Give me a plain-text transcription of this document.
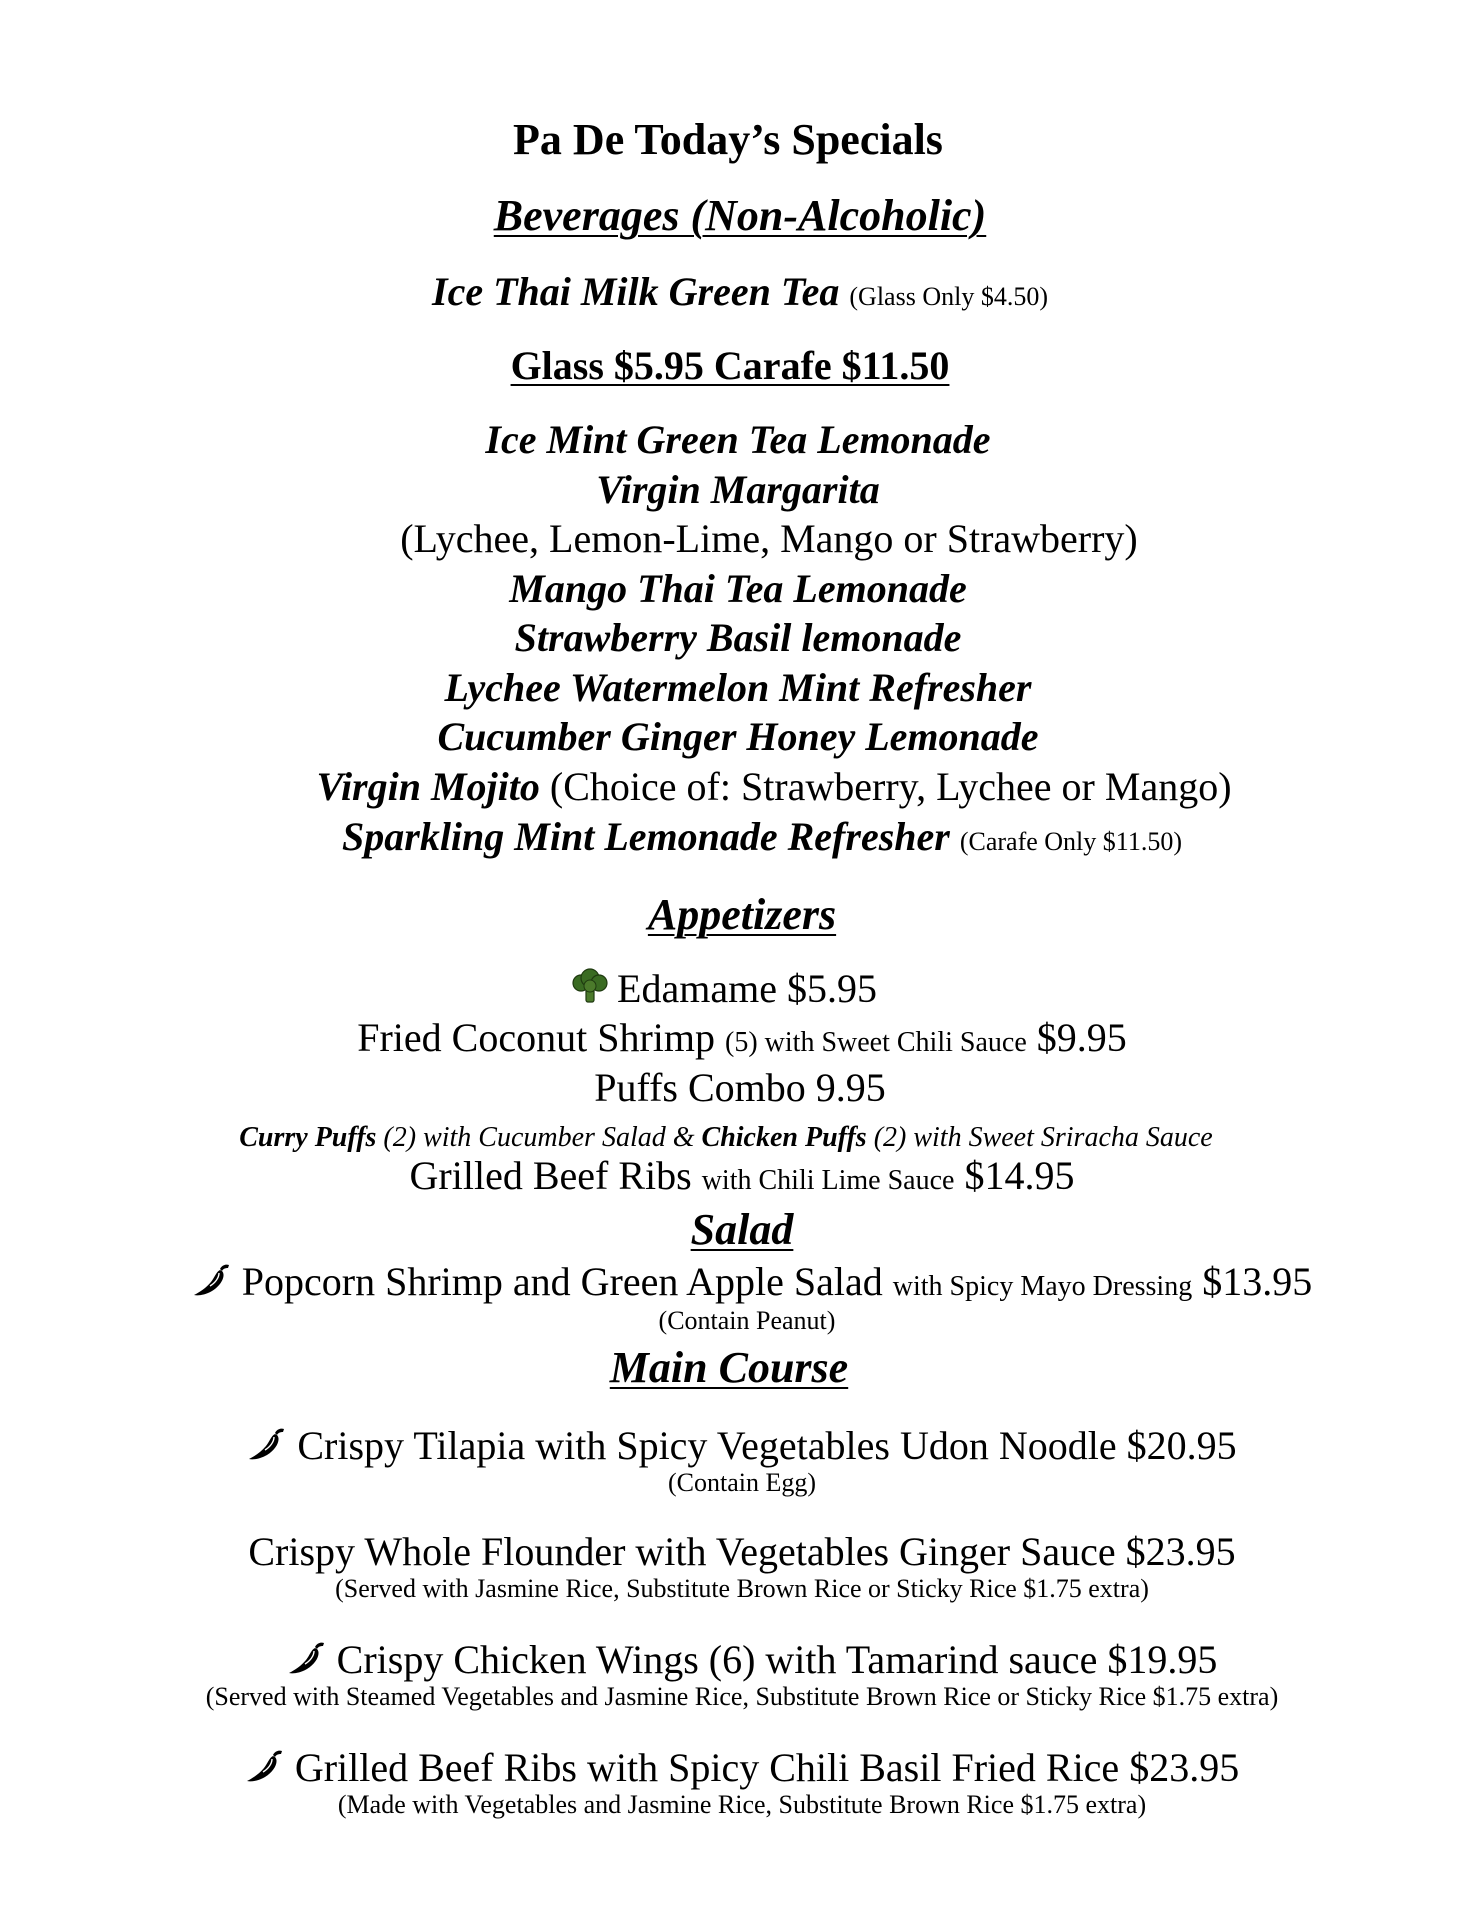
Pa De Today’s Specials
Beverages (Non-Alcoholic)
Ice Thai Milk Green Tea (Glass Only $4.50)
Glass $5.95 Carafe $11.50
Ice Mint Green Tea Lemonade
Virgin Margarita
(Lychee, Lemon-Lime, Mango or Strawberry)
Mango Thai Tea Lemonade
Strawberry Basil lemonade
Lychee Watermelon Mint Refresher
Cucumber Ginger Honey Lemonade
Virgin Mojito (Choice of: Strawberry, Lychee or Mango)
Sparkling Mint Lemonade Refresher (Carafe Only $11.50)
Appetizers
Edamame $5.95
Fried Coconut Shrimp (5) with Sweet Chili Sauce $9.95
Puffs Combo 9.95
Curry Puffs (2) with Cucumber Salad & Chicken Puffs (2) with Sweet Sriracha Sauce
Grilled Beef Ribs with Chili Lime Sauce $14.95
Salad
Popcorn Shrimp and Green Apple Salad with Spicy Mayo Dressing $13.95
(Contain Peanut)
Main Course
Crispy Tilapia with Spicy Vegetables Udon Noodle $20.95
(Contain Egg)
Crispy Whole Flounder with Vegetables Ginger Sauce $23.95
(Served with Jasmine Rice, Substitute Brown Rice or Sticky Rice $1.75 extra)
Crispy Chicken Wings (6) with Tamarind sauce $19.95
(Served with Steamed Vegetables and Jasmine Rice, Substitute Brown Rice or Sticky Rice $1.75 extra)
Grilled Beef Ribs with Spicy Chili Basil Fried Rice $23.95
(Made with Vegetables and Jasmine Rice, Substitute Brown Rice $1.75 extra)
